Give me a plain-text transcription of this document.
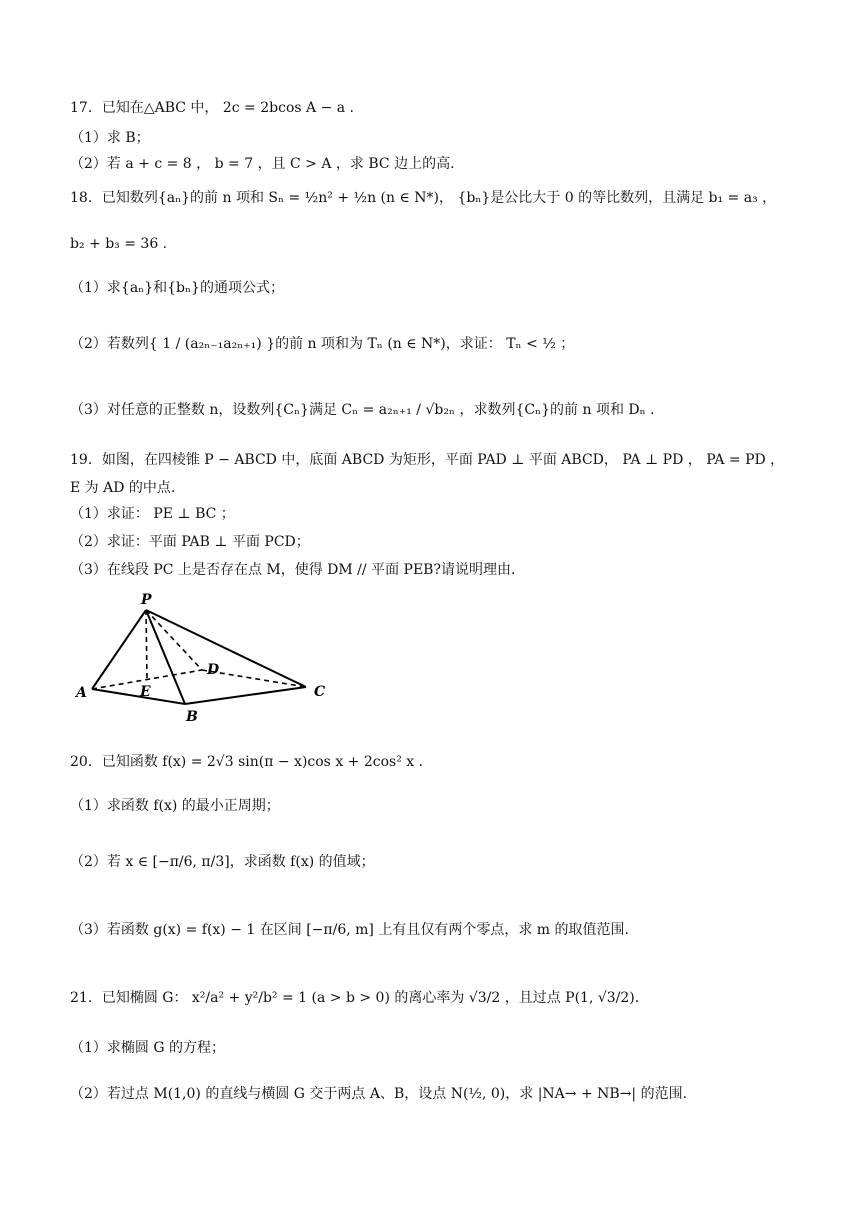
17．已知在△ABC 中， 2c = 2bcos A − a .
（1）求 B；
（2）若 a + c = 8 ， b = 7 ，且 C > A ，求 BC 边上的高.
18．已知数列{aₙ}的前 n 项和 Sₙ = ½n² + ½n (n ∈ N*)， {bₙ}是公比大于 0 的等比数列，且满足 b₁ = a₃ ，
b₂ + b₃ = 36 .
（1）求{aₙ}和{bₙ}的通项公式；
（2）若数列{ 1 / (a₂ₙ₋₁a₂ₙ₊₁) }的前 n 项和为 Tₙ (n ∈ N*)，求证： Tₙ < ½ ；
（3）对任意的正整数 n，设数列{Cₙ}满足 Cₙ = a₂ₙ₊₁ / √b₂ₙ ，求数列{Cₙ}的前 n 项和 Dₙ .
19．如图，在四棱锥 P − ABCD 中，底面 ABCD 为矩形，平面 PAD ⊥ 平面 ABCD， PA ⊥ PD ， PA = PD ，
E 为 AD 的中点.
（1）求证： PE ⊥ BC ；
（2）求证：平面 PAB ⊥ 平面 PCD；
（3）在线段 PC 上是否存在点 M，使得 DM // 平面 PEB?请说明理由.
P
A
B
C
D
E
20．已知函数 f(x) = 2√3 sin(π − x)cos x + 2cos² x .
（1）求函数 f(x) 的最小正周期；
（2）若 x ∈ [−π/6, π/3]，求函数 f(x) 的值域；
（3）若函数 g(x) = f(x) − 1 在区间 [−π/6, m] 上有且仅有两个零点，求 m 的取值范围.
21．已知椭圆 G： x²/a² + y²/b² = 1 (a > b > 0) 的离心率为 √3/2 ，且过点 P(1, √3/2).
（1）求椭圆 G 的方程；
（2）若过点 M(1,0) 的直线与横圆 G 交于两点 A、B，设点 N(½, 0)，求 |NA→ + NB→| 的范围.
